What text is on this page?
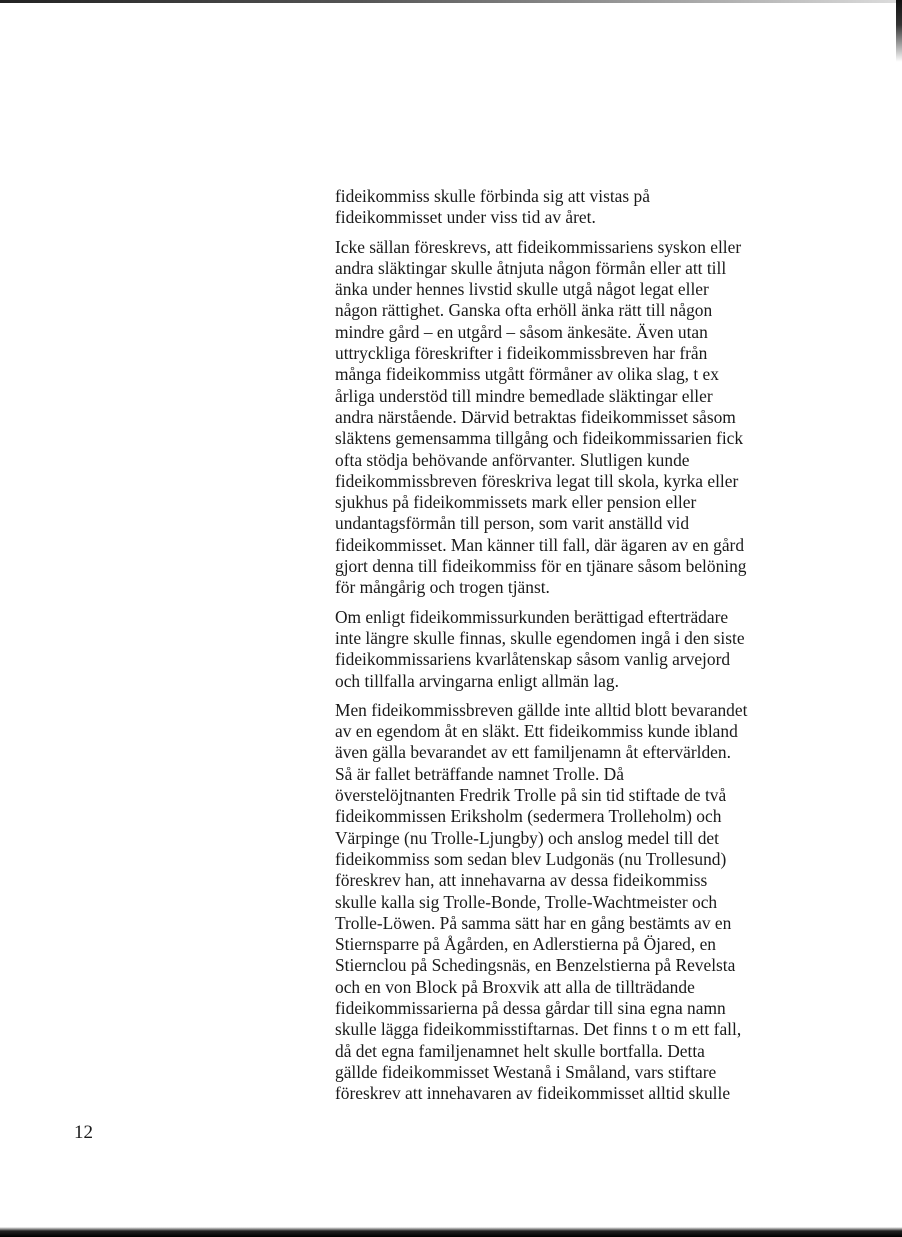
fideikommiss skulle förbinda sig att vistas på
fideikommisset under viss tid av året.

Icke sällan föreskrevs, att fideikommissariens syskon eller
andra släktingar skulle åtnjuta någon förmån eller att till
änka under hennes livstid skulle utgå något legat eller
någon rättighet. Ganska ofta erhöll änka rätt till någon
mindre gård – en utgård – såsom änkesäte. Även utan
uttryckliga föreskrifter i fideikommissbreven har från
många fideikommiss utgått förmåner av olika slag, t ex
årliga understöd till mindre bemedlade släktingar eller
andra närstående. Därvid betraktas fideikommisset såsom
släktens gemensamma tillgång och fideikommissarien fick
ofta stödja behövande anförvanter. Slutligen kunde
fideikommissbreven föreskriva legat till skola, kyrka eller
sjukhus på fideikommissets mark eller pension eller
undantagsförmån till person, som varit anställd vid
fideikommisset. Man känner till fall, där ägaren av en gård
gjort denna till fideikommiss för en tjänare såsom belöning
för mångårig och trogen tjänst.

Om enligt fideikommissurkunden berättigad efterträdare
inte längre skulle finnas, skulle egendomen ingå i den siste
fideikommissariens kvarlåtenskap såsom vanlig arvejord
och tillfalla arvingarna enligt allmän lag.

Men fideikommissbreven gällde inte alltid blott bevarandet
av en egendom åt en släkt. Ett fideikommiss kunde ibland
även gälla bevarandet av ett familjenamn åt eftervärlden.
Så är fallet beträffande namnet Trolle. Då
överstelöjtnanten Fredrik Trolle på sin tid stiftade de två
fideikommissen Eriksholm (sedermera Trolleholm) och
Värpinge (nu Trolle-Ljungby) och anslog medel till det
fideikommiss som sedan blev Ludgonäs (nu Trollesund)
föreskrev han, att innehavarna av dessa fideikommiss
skulle kalla sig Trolle-Bonde, Trolle-Wachtmeister och
Trolle-Löwen. På samma sätt har en gång bestämts av en
Stiernsparre på Ågården, en Adlerstierna på Öjared, en
Stiernclou på Schedingsnäs, en Benzelstierna på Revelsta
och en von Block på Broxvik att alla de tillträdande
fideikommissarierna på dessa gårdar till sina egna namn
skulle lägga fideikommisstiftarnas. Det finns t o m ett fall,
då det egna familjenamnet helt skulle bortfalla. Detta
gällde fideikommisset Westanå i Småland, vars stiftare
föreskrev att innehavaren av fideikommisset alltid skulle

12
